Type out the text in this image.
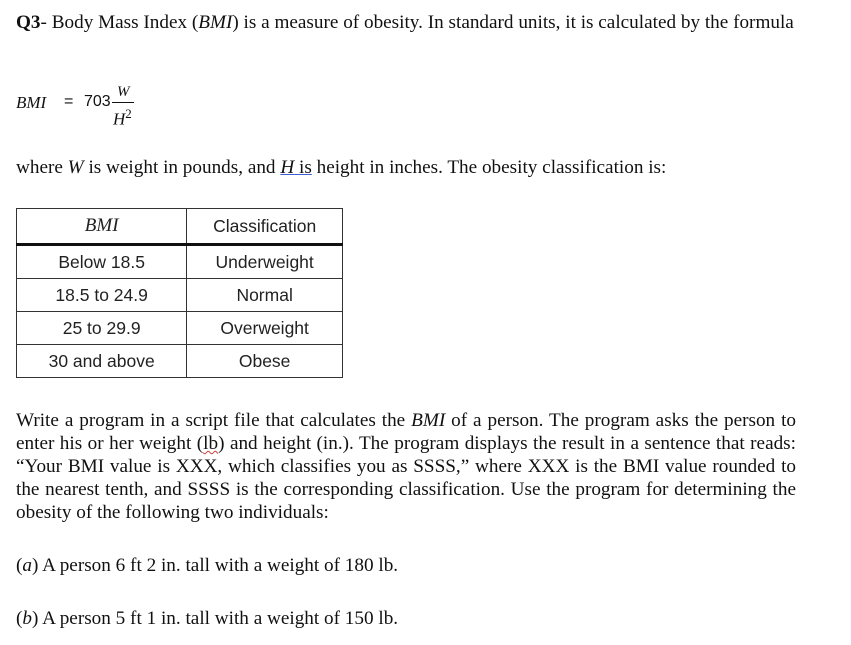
Q3- Body Mass Index (BMI) is a measure of obesity. In standard units, it is calculated by the formula
BMI = 703
W
$H^2$
where W is weight in pounds, and H is height in inches. The obesity classification is:
BMI	Classification
Below 18.5	Underweight
18.5 to 24.9	Normal
25 to 29.9	Overweight
30 and above	Obese
Write a program in a script file that calculates the BMI of a person. The program asks the person to enter his or her weight (lb) and height (in.). The program displays the result in a sentence that reads: “Your BMI value is XXX, which classifies you as SSSS,” where XXX is the BMI value rounded to the nearest tenth, and SSSS is the corresponding classification. Use the program for determining the obesity of the following two individuals:
(a) A person 6 ft 2 in. tall with a weight of 180 lb.
(b) A person 5 ft 1 in. tall with a weight of 150 lb.
